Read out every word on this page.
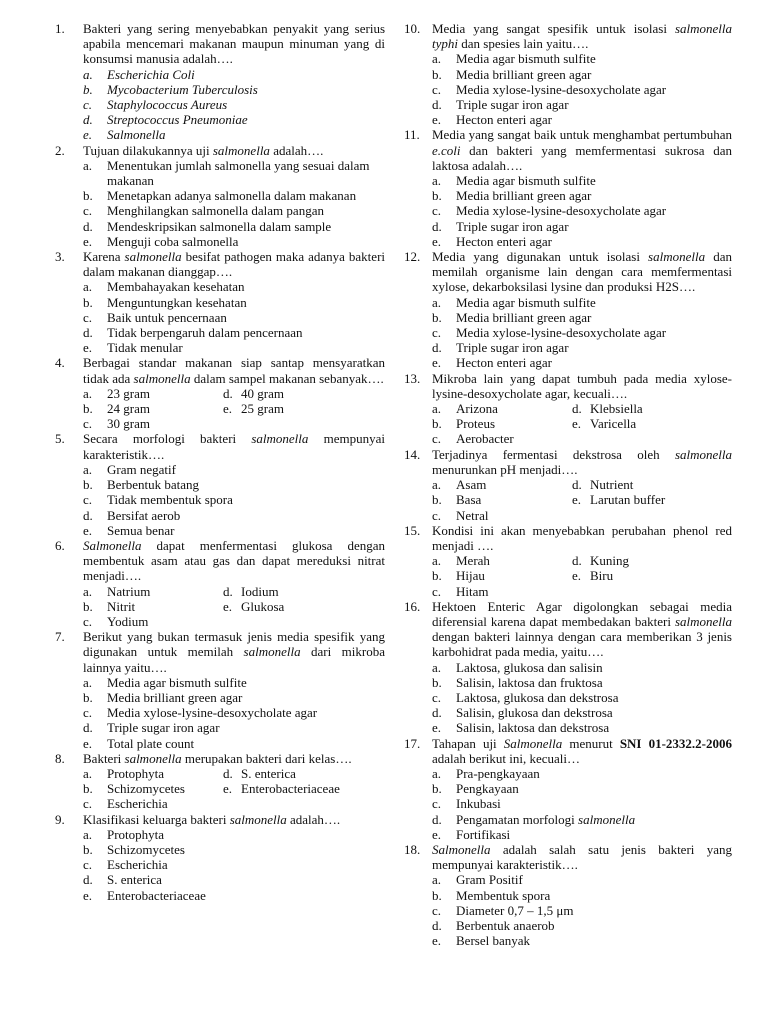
1. Bakteri yang sering menyebabkan penyakit yang serius apabila mencemari makanan maupun minuman yang di konsumsi manusia adalah….
a. Escherichia Coli
b. Mycobacterium Tuberculosis
c. Staphylococcus Aureus
d. Streptococcus Pneumoniae
e. Salmonella
2. Tujuan dilakukannya uji salmonella adalah….
a. Menentukan jumlah salmonella yang sesuai dalam makanan
b. Menetapkan adanya salmonella dalam makanan
c. Menghilangkan salmonella dalam pangan
d. Mendeskripsikan salmonella dalam sample
e. Menguji coba salmonella
3. Karena salmonella besifat pathogen maka adanya bakteri dalam makanan dianggap….
a. Membahayakan kesehatan
b. Menguntungkan kesehatan
c. Baik untuk pencernaan
d. Tidak berpengaruh dalam pencernaan
e. Tidak menular
4. Berbagai standar makanan siap santap mensyaratkan tidak ada salmonella dalam sampel makanan sebanyak….
a. 23 gram	d. 40 gram
b. 24 gram	e. 25 gram
c. 30 gram
5. Secara morfologi bakteri salmonella mempunyai karakteristik….
a. Gram negatif
b. Berbentuk batang
c. Tidak membentuk spora
d. Bersifat aerob
e. Semua benar
6. Salmonella dapat menfermentasi glukosa dengan membentuk asam atau gas dan dapat mereduksi nitrat menjadi….
a. Natrium	d. Iodium
b. Nitrit	e. Glukosa
c. Yodium
7. Berikut yang bukan termasuk jenis media spesifik yang digunakan untuk memilah salmonella dari mikroba lainnya yaitu….
a. Media agar bismuth sulfite
b. Media brilliant green agar
c. Media xylose-lysine-desoxycholate agar
d. Triple sugar iron agar
e. Total plate count
8. Bakteri salmonella merupakan bakteri dari kelas….
a. Protophyta	d. S. enterica
b. Schizomycetes	e. Enterobacteriaceae
c. Escherichia
9. Klasifikasi keluarga bakteri salmonella adalah….
a. Protophyta
b. Schizomycetes
c. Escherichia
d. S. enterica
e. Enterobacteriaceae
10. Media yang sangat spesifik untuk isolasi salmonella typhi dan spesies lain yaitu….
a. Media agar bismuth sulfite
b. Media brilliant green agar
c. Media xylose-lysine-desoxycholate agar
d. Triple sugar iron agar
e. Hecton enteri agar
11. Media yang sangat baik untuk menghambat pertumbuhan e.coli dan bakteri yang memfermentasi sukrosa dan laktosa adalah….
a. Media agar bismuth sulfite
b. Media brilliant green agar
c. Media xylose-lysine-desoxycholate agar
d. Triple sugar iron agar
e. Hecton enteri agar
12. Media yang digunakan untuk isolasi salmonella dan memilah organisme lain dengan cara memfermentasi xylose, dekarboksilasi lysine dan produksi H2S….
a. Media agar bismuth sulfite
b. Media brilliant green agar
c. Media xylose-lysine-desoxycholate agar
d. Triple sugar iron agar
e. Hecton enteri agar
13. Mikroba lain yang dapat tumbuh pada media xylose-lysine-desoxycholate agar, kecuali….
a. Arizona	d. Klebsiella
b. Proteus	e. Varicella
c. Aerobacter
14. Terjadinya fermentasi dekstrosa oleh salmonella menurunkan pH menjadi….
a. Asam	d. Nutrient
b. Basa	e. Larutan buffer
c. Netral
15. Kondisi ini akan menyebabkan perubahan phenol red menjadi ….
a. Merah	d. Kuning
b. Hijau	e. Biru
c. Hitam
16. Hektoen Enteric Agar digolongkan sebagai media diferensial karena dapat membedakan bakteri salmonella dengan bakteri lainnya dengan cara memberikan 3 jenis karbohidrat pada media, yaitu….
a. Laktosa, glukosa dan salisin
b. Salisin, laktosa dan fruktosa
c. Laktosa, glukosa dan dekstrosa
d. Salisin, glukosa dan dekstrosa
e. Salisin, laktosa dan dekstrosa
17. Tahapan uji Salmonella menurut SNI 01-2332.2-2006 adalah berikut ini, kecuali…
a. Pra-pengkayaan
b. Pengkayaan
c. Inkubasi
d. Pengamatan morfologi salmonella
e. Fortifikasi
18. Salmonella adalah salah satu jenis bakteri yang mempunyai karakteristik….
a. Gram Positif
b. Membentuk spora
c. Diameter 0,7 – 1,5 μm
d. Berbentuk anaerob
e. Bersel banyak
